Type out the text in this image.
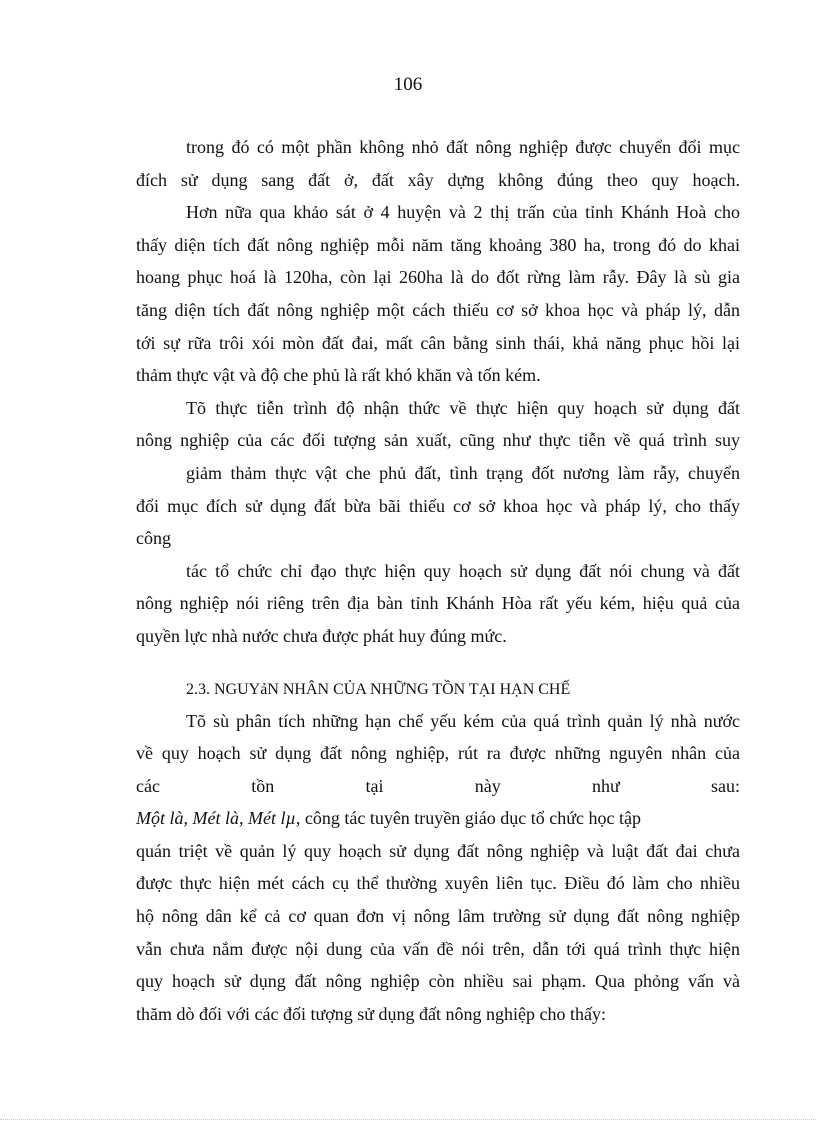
106
trong đó có một phần không nhỏ đất nông nghiệp được chuyển đổi mục
đích sử dụng sang đất ở, đất xây dựng không đúng theo quy hoạch.
Hơn nữa qua khảo sát ở 4 huyện và 2 thị trấn của tỉnh Khánh Hoà cho
thấy diện tích đất nông nghiệp mỗi năm tăng khoảng 380 ha, trong đó do khai
hoang phục hoá là 120ha, còn lại 260ha là do đốt rừng làm rẫy. Đây là sù gia
tăng diện tích đất nông nghiệp một cách thiếu cơ sở khoa học và pháp lý, dẫn
tới sự rữa trôi xói mòn đất đai, mất cân bằng sinh thái, khả năng phục hồi lại
thảm thực vật và độ che phủ là rất khó khăn và tốn kém.
Tõ thực tiễn trình độ nhận thức về thực hiện quy hoạch sử dụng đất
nông nghiệp của các đối tượng sản xuất, cũng như thực tiễn về quá trình suy
giảm thảm thực vật che phủ đất, tình trạng đốt nương làm rẫy, chuyển
đổi mục đích sử dụng đất bừa bãi thiếu cơ sở khoa học và pháp lý, cho thấy
công
tác tổ chức chỉ đạo thực hiện quy hoạch sử dụng đất nói chung và đất
nông nghiệp nói riêng trên địa bàn tỉnh Khánh Hòa rất yếu kém, hiệu quả của
quyền lực nhà nước chưa được phát huy đúng mức.
2.3. NGUYảN NHÂN CỦA NHỮNG TỒN TẠI HẠN CHẾ
Tõ sù phân tích những hạn chế yếu kém của quá trình quản lý nhà nước
về quy hoạch sử dụng đất nông nghiệp, rút ra được những nguyên nhân của
các tồn tại này như sau:
Một là, Mét là, Mét lµ, công tác tuyên truyền giáo dục tổ chức học tập
quán triệt về quản lý quy hoạch sử dụng đất nông nghiệp và luật đất đai chưa
được thực hiện mét cách cụ thể thường xuyên liên tục. Điều đó làm cho nhiều
hộ nông dân kể cả cơ quan đơn vị nông lâm trường sử dụng đất nông nghiệp
vẫn chưa nắm được nội dung của vấn đề nói trên, dẫn tới quá trình thực hiện
quy hoạch sử dụng đất nông nghiệp còn nhiều sai phạm. Qua phỏng vấn và
thăm dò đối với các đối tượng sử dụng đất nông nghiệp cho thấy:
